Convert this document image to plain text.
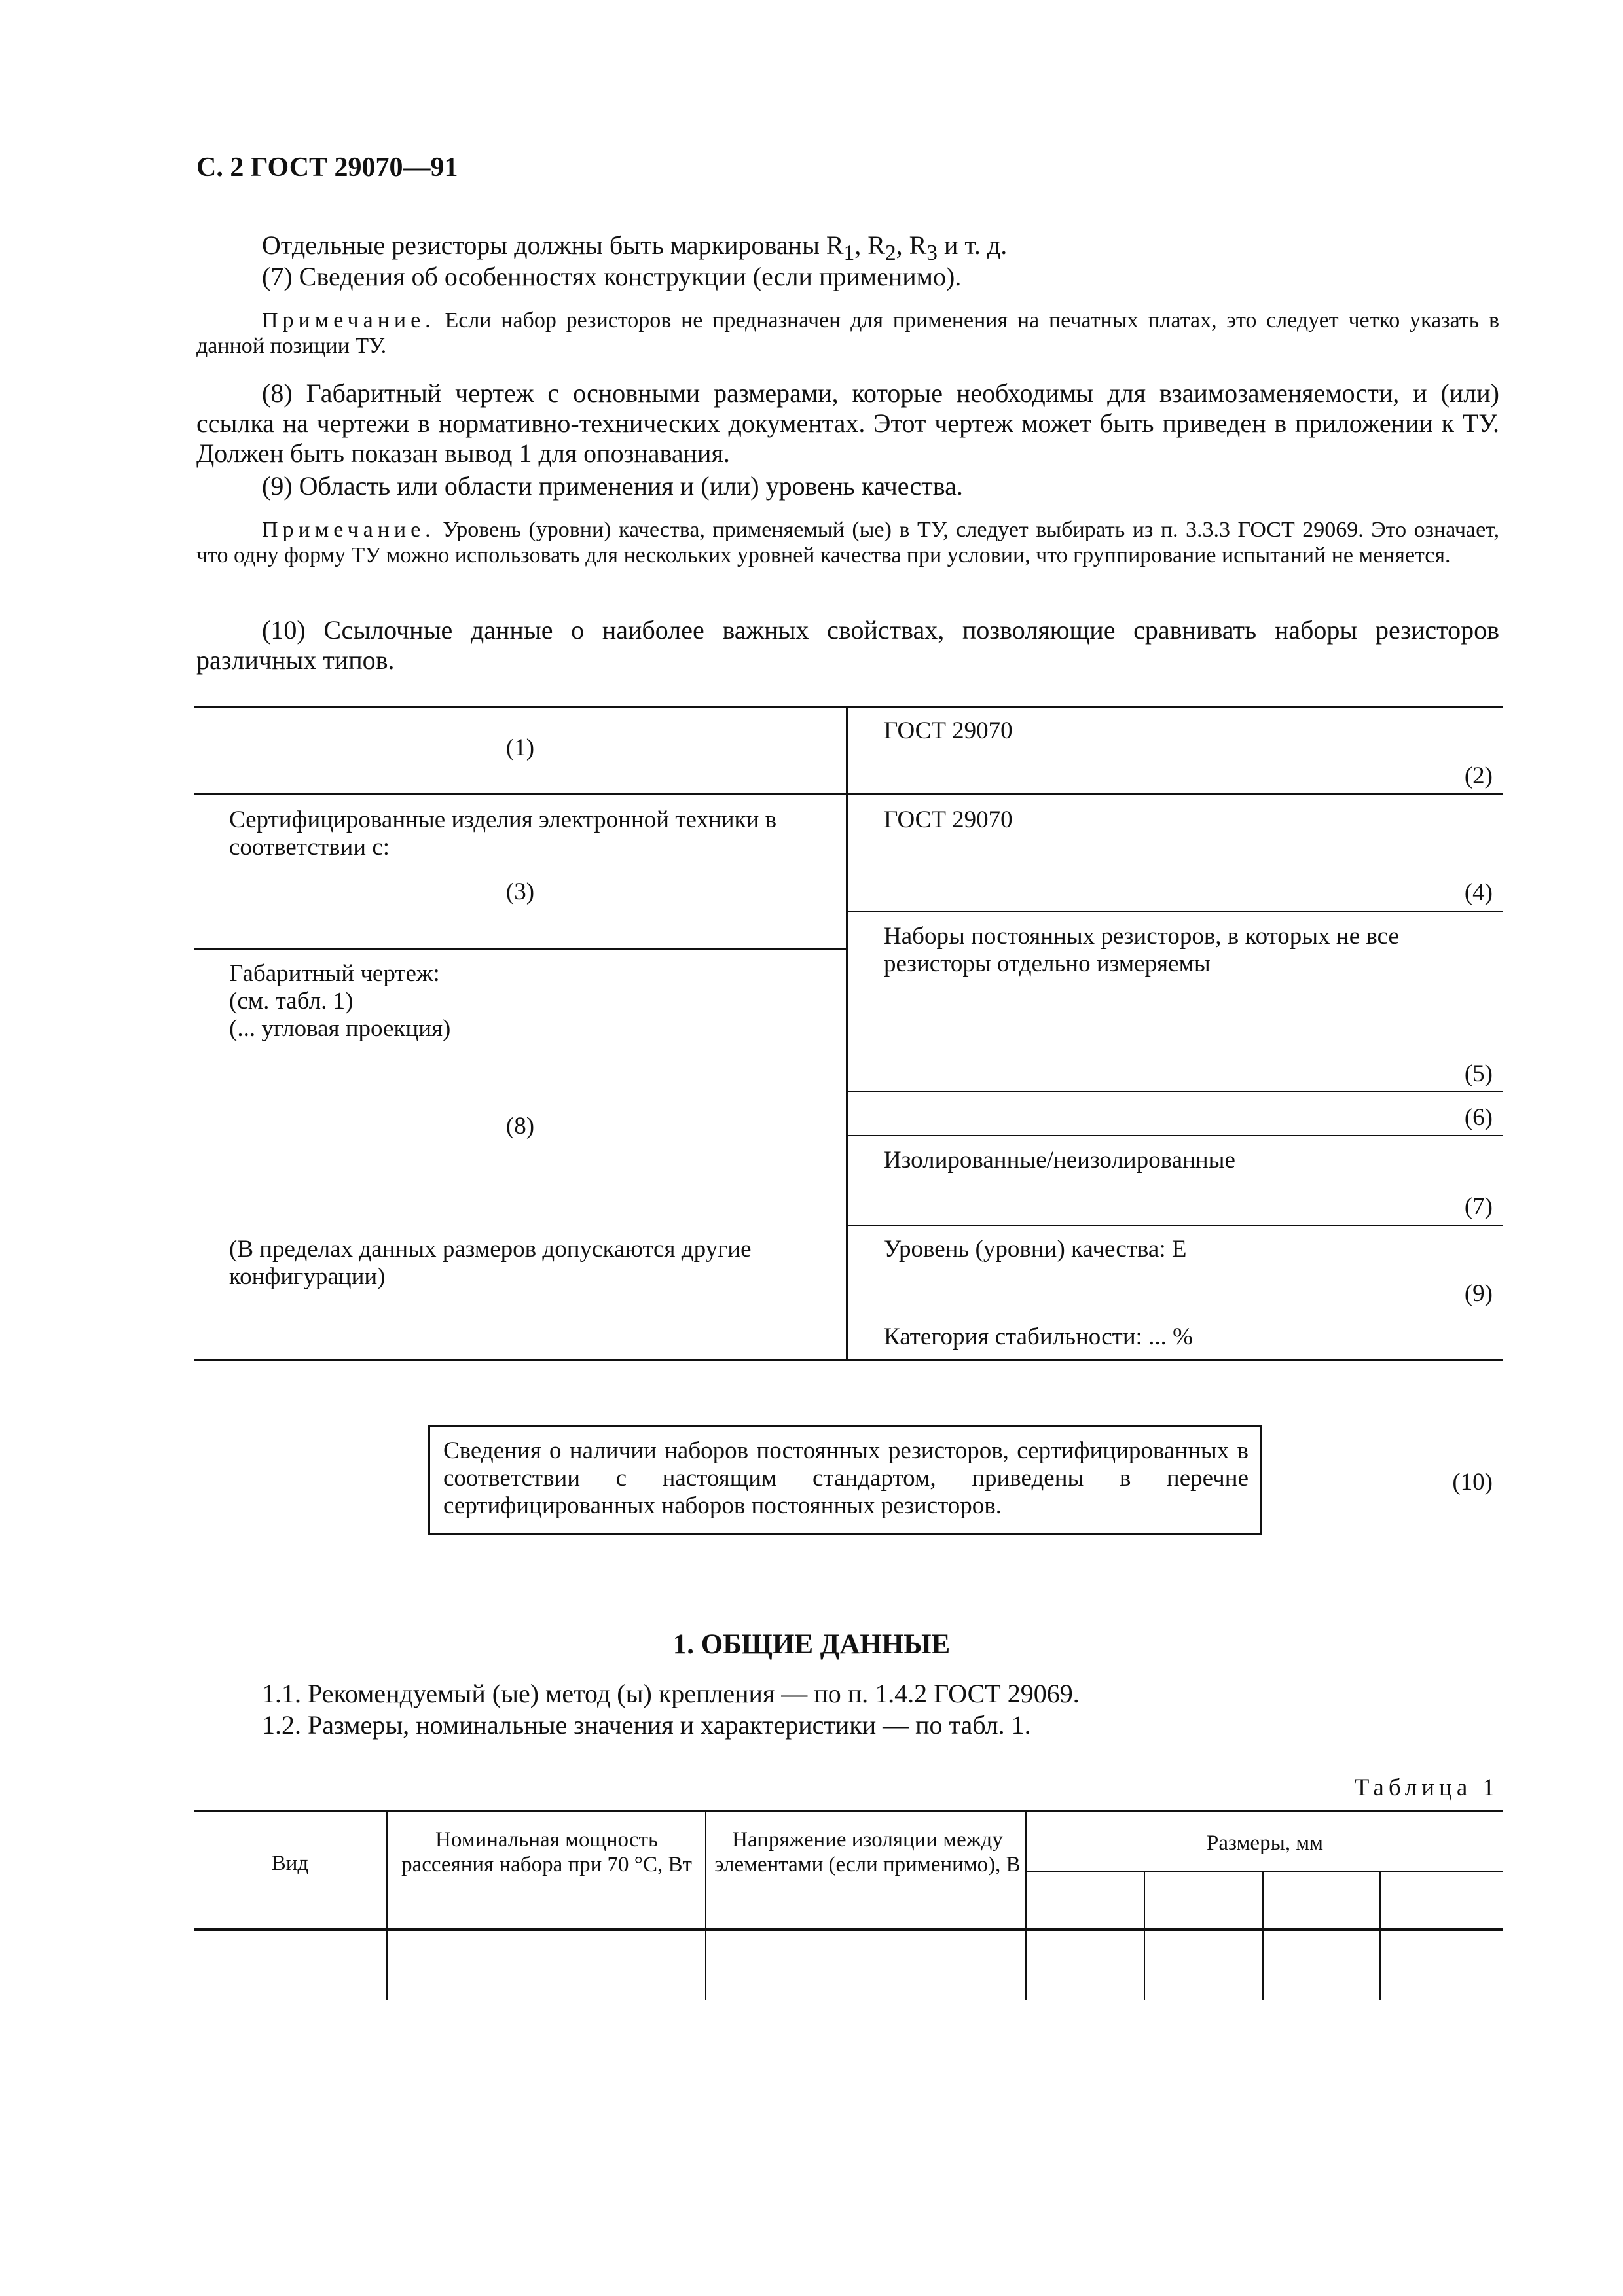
С. 2 ГОСТ 29070—91
Отдельные резисторы должны быть маркированы $R_1$, $R_2$, $R_3$ и т. д.
(7) Сведения об особенностях конструкции (если применимо).
Примечание. Если набор резисторов не предназначен для применения на печатных платах, это следует четко указать в данной позиции ТУ.
(8) Габаритный чертеж с основными размерами, которые необходимы для взаимозаменяемости, и (или) ссылка на чертежи в нормативно-технических документах. Этот чертеж может быть приведен в приложении к ТУ. Должен быть показан вывод 1 для опознавания.
(9) Область или области применения и (или) уровень качества.
Примечание. Уровень (уровни) качества, применяемый (ые) в ТУ, следует выбирать из п. 3.3.3 ГОСТ 29069. Это означает, что одну форму ТУ можно использовать для нескольких уровней качества при условии, что группирование испытаний не меняется.
(10) Ссылочные данные о наиболее важных свойствах, позволяющие сравнивать наборы резисторов различных типов.
(1)
Сертифицированные изделия электронной техники в соответствии с:
(3)
Габаритный чертеж:
(см. табл. 1)
(... угловая проекция)
(8)
(В пределах данных размеров допускаются другие конфигурации)
ГОСТ 29070
(2)
ГОСТ 29070
(4)
Наборы постоянных резисторов, в которых не все резисторы отдельно измеряемы
(5)
(6)
Изолированные/неизолированные
(7)
Уровень (уровни) качества: Е
(9)
Категория стабильности: ... %
Сведения о наличии наборов постоянных резисторов, сертифицированных в соответствии с настоящим стандартом, приведены в перечне сертифицированных наборов постоянных резисторов.
(10)
1. ОБЩИЕ ДАННЫЕ
1.1. Рекомендуемый (ые) метод (ы) крепления — по п. 1.4.2 ГОСТ 29069.
1.2. Размеры, номинальные значения и характеристики — по табл. 1.
Таблица 1
Вид
Номинальная мощность рассеяния набора при 70 °С, Вт
Напряжение изоляции между элементами (если применимо), В
Размеры, мм
